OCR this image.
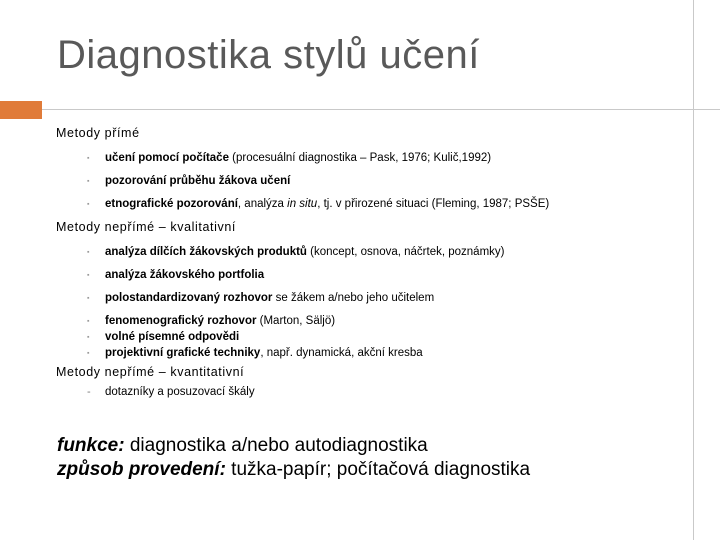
Diagnostika stylů učení
Metody přímé
▪ učení pomocí počítače (procesuální diagnostika – Pask, 1976; Kulič,1992)
▪ pozorování průběhu žákova učení
▪ etnografické pozorování, analýza in situ, tj. v přirozené situaci (Fleming, 1987; PSŠE)
Metody nepřímé – kvalitativní
▪ analýza dílčích žákovských produktů (koncept, osnova, náčrtek, poznámky)
▪ analýza žákovského portfolia
▪ polostandardizovaný rozhovor se žákem a/nebo jeho učitelem
▪ fenomenografický rozhovor (Marton, Säljö)
▪ volné písemné odpovědi
▪ projektivní grafické techniky, např. dynamická, akční kresba
Metody nepřímé – kvantitativní
- dotazníky a posuzovací škály
funkce: diagnostika a/nebo autodiagnostika
způsob provedení: tužka-papír; počítačová diagnostika
